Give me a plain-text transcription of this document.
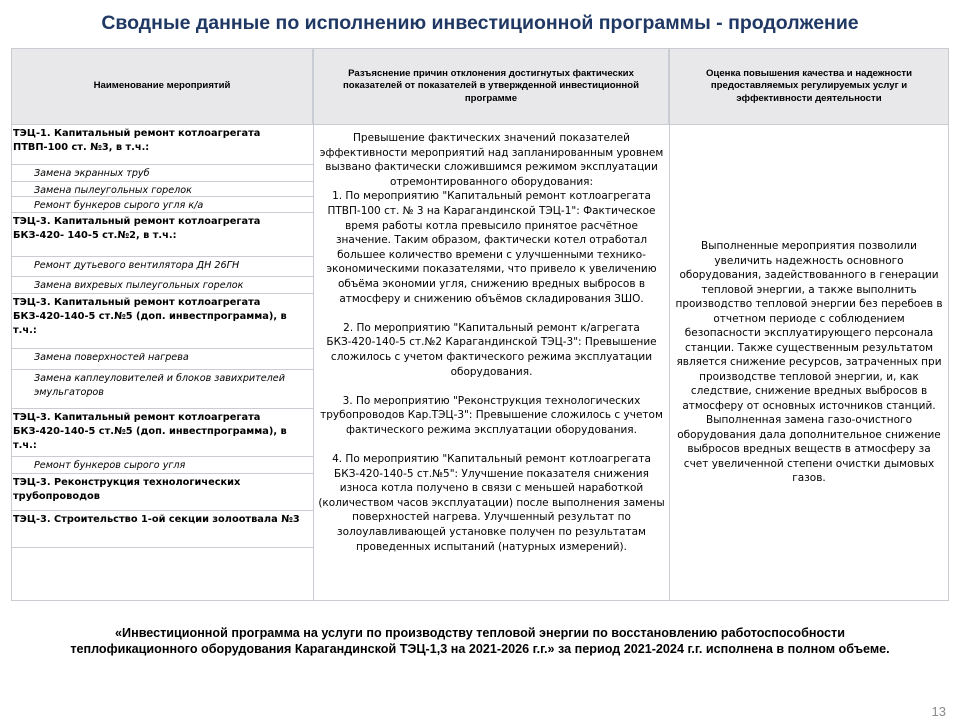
Сводные данные по исполнению инвестиционной программы - продолжение
Наименование мероприятий
Разъяснение причин отклонения достигнутых фактических показателей от показателей в утвержденной инвестиционной программе
Оценка повышения качества и надежности предоставляемых регулируемых услуг и эффективности деятельности
ТЭЦ-1. Капитальный ремонт котлоагрегата ПТВП-100 ст. №3, в т.ч.:
Замена экранных труб
Замена пылеугольных горелок
Ремонт бункеров сырого угля к/а
ТЭЦ-3. Капитальный ремонт котлоагрегата БКЗ-420- 140-5 ст.№2, в т.ч.:
Ремонт дутьевого вентилятора ДН 26ГН
Замена вихревых пылеугольных горелок
ТЭЦ-3. Капитальный ремонт котлоагрегата БКЗ-420-140-5 ст.№5 (доп. инвестпрограмма), в т.ч.:
Замена поверхностей нагрева
Замена каплеуловителей и блоков завихрителей эмульгаторов
ТЭЦ-3. Капитальный ремонт котлоагрегата БКЗ-420-140-5 ст.№5 (доп. инвестпрограмма), в т.ч.:
Ремонт бункеров сырого угля
ТЭЦ-3. Реконструкция технологических трубопроводов
ТЭЦ-3. Строительство 1-ой секции золоотвала №3

Превышение фактических значений показателей эффективности мероприятий над запланированным уровнем вызвано фактически сложившимся режимом эксплуатации отремонтированного оборудования:

1. По мероприятию "Капитальный ремонт котлоагрегата ПТВП-100 ст. № 3 на Карагандинской ТЭЦ-1": Фактическое время работы котла превысило принятое расчётное значение. Таким образом, фактически котел отработал большее количество времени с улучшенными технико-экономическими показателями, что привело к увеличению объёма экономии угля, снижению вредных выбросов в атмосферу и снижению объёмов складирования ЗШО.

2. По мероприятию "Капитальный ремонт к/агрегата БКЗ-420-140-5 ст.№2 Карагандинской ТЭЦ-3": Превышение сложилось с учетом фактического режима эксплуатации оборудования.

3. По мероприятию "Реконструкция технологических трубопроводов Кар.ТЭЦ-3": Превышение сложилось с учетом фактического режима эксплуатации оборудования.

4. По мероприятию "Капитальный ремонт котлоагрегата БКЗ-420-140-5 ст.№5": Улучшение показателя снижения износа котла получено в связи с меньшей наработкой (количеством часов эксплуатации) после выполнения замены поверхностей нагрева. Улучшенный результат по золоулавливающей установке получен по результатам проведенных испытаний (натурных измерений).

Выполненные мероприятия позволили увеличить надежность основного оборудования, задействованного в генерации тепловой энергии, а также выполнить производство тепловой энергии без перебоев в отчетном периоде с соблюдением безопасности эксплуатирующего персонала станции. Также существенным результатом является снижение ресурсов, затраченных при производстве тепловой энергии, и, как следствие, снижение вредных выбросов в атмосферу от основных источников станций. Выполненная замена газо-очистного оборудования дала дополнительное снижение выбросов вредных веществ в атмосферу за счет увеличенной степени очистки дымовых газов.
«Инвестиционной программа на услуги по производству тепловой энергии по восстановлению работоспособности
теплофикационного оборудования Карагандинской ТЭЦ-1,3 на 2021-2026 г.г.» за период 2021-2024 г.г. исполнена в полном объеме.
13
